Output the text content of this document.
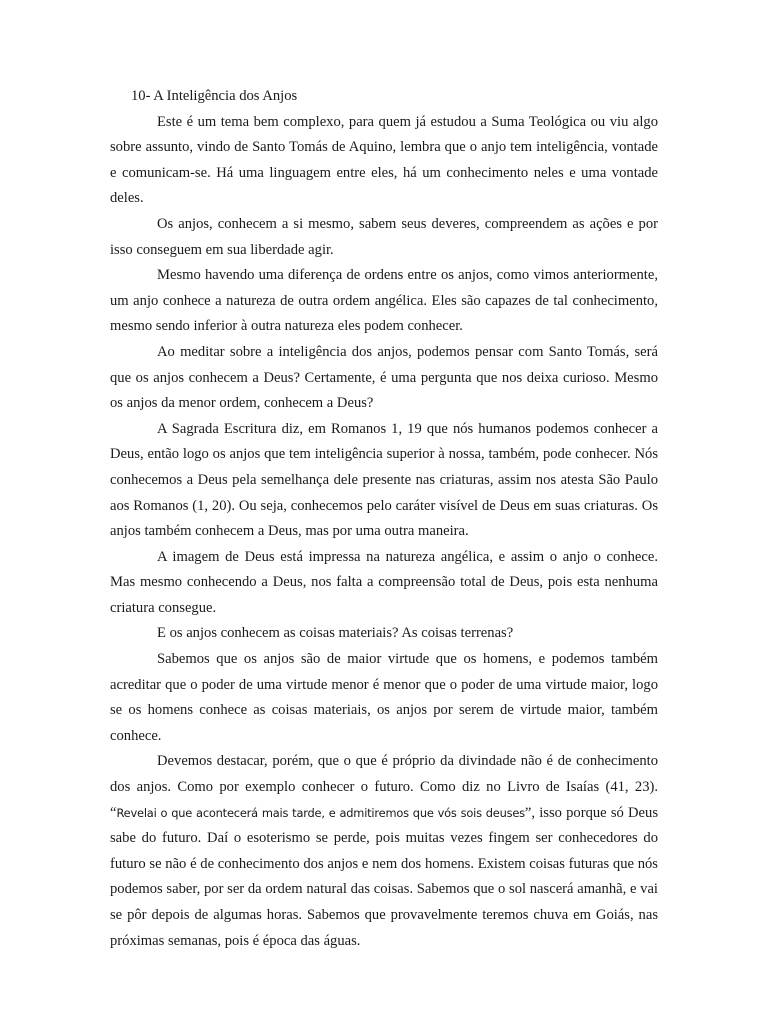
10- A Inteligência dos Anjos

Este é um tema bem complexo, para quem já estudou a Suma Teológica ou viu algo sobre assunto, vindo de Santo Tomás de Aquino, lembra que o anjo tem inteligência, vontade e comunicam-se. Há uma linguagem entre eles, há um conhecimento neles e uma vontade deles.

Os anjos, conhecem a si mesmo, sabem seus deveres, compreendem as ações e por isso conseguem em sua liberdade agir.

Mesmo havendo uma diferença de ordens entre os anjos, como vimos anteriormente, um anjo conhece a natureza de outra ordem angélica. Eles são capazes de tal conhecimento, mesmo sendo inferior à outra natureza eles podem conhecer.

Ao meditar sobre a inteligência dos anjos, podemos pensar com Santo Tomás, será que os anjos conhecem a Deus? Certamente, é uma pergunta que nos deixa curioso. Mesmo os anjos da menor ordem, conhecem a Deus?

A Sagrada Escritura diz, em Romanos 1, 19 que nós humanos podemos conhecer a Deus, então logo os anjos que tem inteligência superior à nossa, também, pode conhecer. Nós conhecemos a Deus pela semelhança dele presente nas criaturas, assim nos atesta São Paulo aos Romanos (1, 20). Ou seja, conhecemos pelo caráter visível de Deus em suas criaturas. Os anjos também conhecem a Deus, mas por uma outra maneira.

A imagem de Deus está impressa na natureza angélica, e assim o anjo o conhece. Mas mesmo conhecendo a Deus, nos falta a compreensão total de Deus, pois esta nenhuma criatura consegue.

E os anjos conhecem as coisas materiais? As coisas terrenas?

Sabemos que os anjos são de maior virtude que os homens, e podemos também acreditar que o poder de uma virtude menor é menor que o poder de uma virtude maior, logo se os homens conhece as coisas materiais, os anjos por serem de virtude maior, também conhece.

Devemos destacar, porém, que o que é próprio da divindade não é de conhecimento dos anjos. Como por exemplo conhecer o futuro. Como diz no Livro de Isaías (41, 23). “Revelai o que acontecerá mais tarde, e admitiremos que vós sois deuses”, isso porque só Deus sabe do futuro. Daí o esoterismo se perde, pois muitas vezes fingem ser conhecedores do futuro se não é de conhecimento dos anjos e nem dos homens. Existem coisas futuras que nós podemos saber, por ser da ordem natural das coisas. Sabemos que o sol nascerá amanhã, e vai se pôr depois de algumas horas. Sabemos que provavelmente teremos chuva em Goiás, nas próximas semanas, pois é época das águas.
